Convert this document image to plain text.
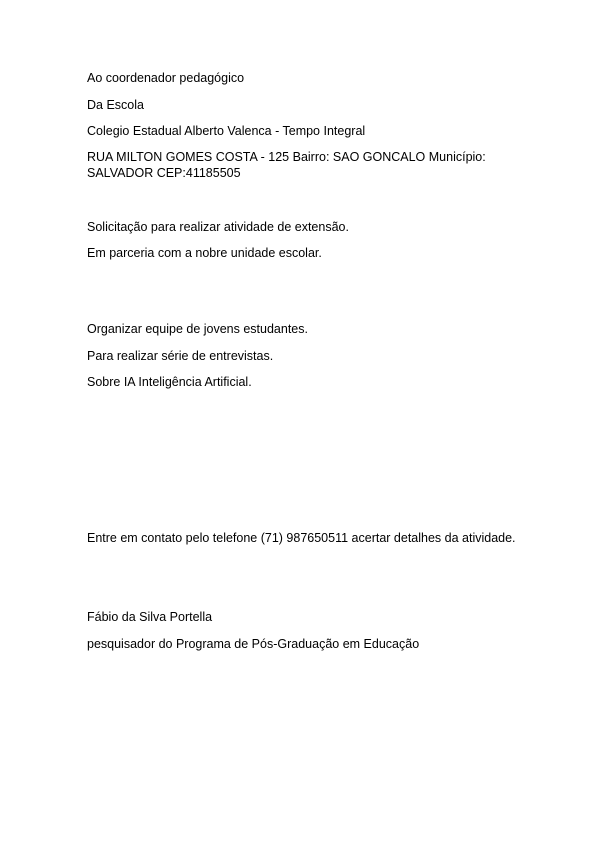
Ao coordenador pedagógico
Da Escola
Colegio Estadual Alberto Valenca - Tempo Integral
RUA MILTON GOMES COSTA - 125 Bairro: SAO GONCALO Município:
SALVADOR CEP:41185505
Solicitação para realizar atividade de extensão.
Em parceria com a nobre unidade escolar.
Organizar equipe de jovens estudantes.
Para realizar série de entrevistas.
Sobre IA Inteligência Artificial.
Entre em contato pelo telefone (71) 987650511 acertar detalhes da atividade.
Fábio da Silva Portella
pesquisador do Programa de Pós-Graduação em Educação
